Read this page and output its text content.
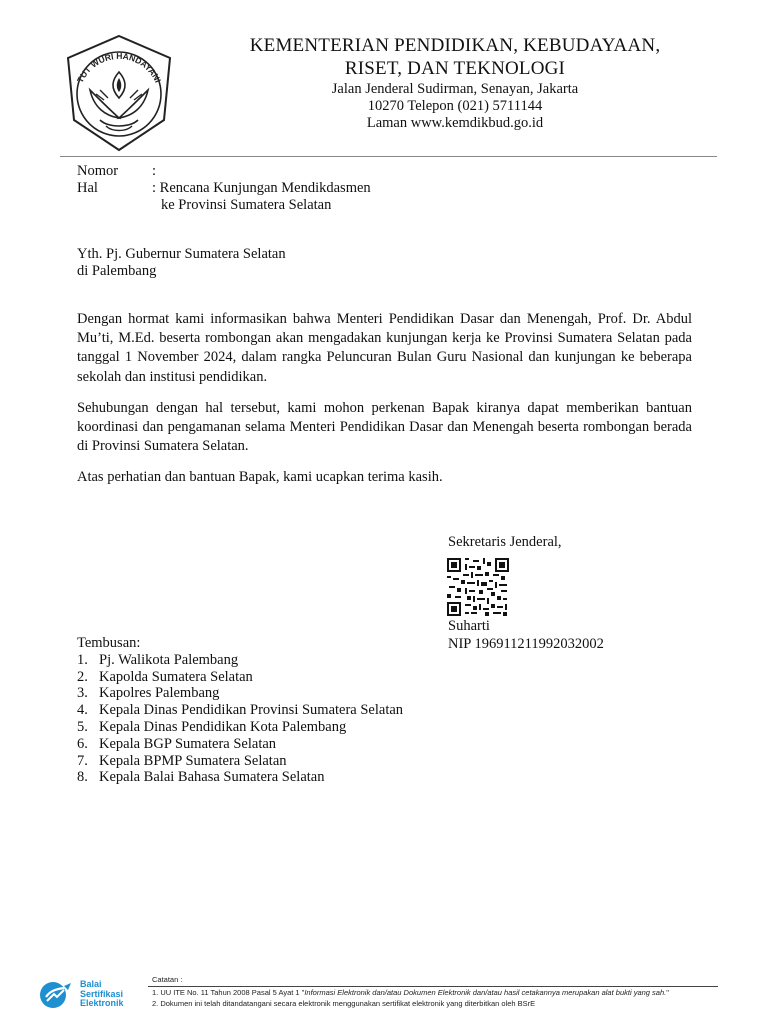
TUT WURI HANDAYANI
KEMENTERIAN PENDIDIKAN, KEBUDAYAAN,
RISET, DAN TEKNOLOGI
Jalan Jenderal Sudirman, Senayan, Jakarta
10270 Telepon (021) 5711144
Laman www.kemdikbud.go.id
Nomor :
Hal	: Rencana Kunjungan Mendikdasmen
ke Provinsi Sumatera Selatan
Yth. Pj. Gubernur Sumatera Selatan
di Palembang

Dengan hormat kami informasikan bahwa Menteri Pendidikan Dasar dan Menengah, Prof. Dr. Abdul Mu’ti, M.Ed. beserta rombongan akan mengadakan kunjungan kerja ke Provinsi Sumatera Selatan pada tanggal 1 November 2024, dalam rangka Peluncuran Bulan Guru Nasional dan kunjungan ke beberapa sekolah dan institusi pendidikan.

Sehubungan dengan hal tersebut, kami mohon perkenan Bapak kiranya dapat memberikan bantuan koordinasi dan pengamanan selama Menteri Pendidikan Dasar dan Menengah beserta rombongan berada di Provinsi Sumatera Selatan.

Atas perhatian dan bantuan Bapak, kami ucapkan terima kasih.

Sekretaris Jenderal,
Suharti
NIP 196911211992032002
Tembusan:
1. Pj. Walikota Palembang
2. Kapolda Sumatera Selatan
3. Kapolres Palembang
4. Kepala Dinas Pendidikan Provinsi Sumatera Selatan
5. Kepala Dinas Pendidikan Kota Palembang
6. Kepala BGP Sumatera Selatan
7. Kepala BPMP Sumatera Selatan
8. Kepala Balai Bahasa Sumatera Selatan
Balai
Sertifikasi
Elektronik
Catatan :
1. UU ITE No. 11 Tahun 2008 Pasal 5 Ayat 1 "Informasi Elektronik dan/atau Dokumen Elektronik dan/atau hasil cetakannya merupakan alat bukti yang sah."
2. Dokumen ini telah ditandatangani secara elektronik menggunakan sertifikat elektronik yang diterbitkan oleh BSrE
